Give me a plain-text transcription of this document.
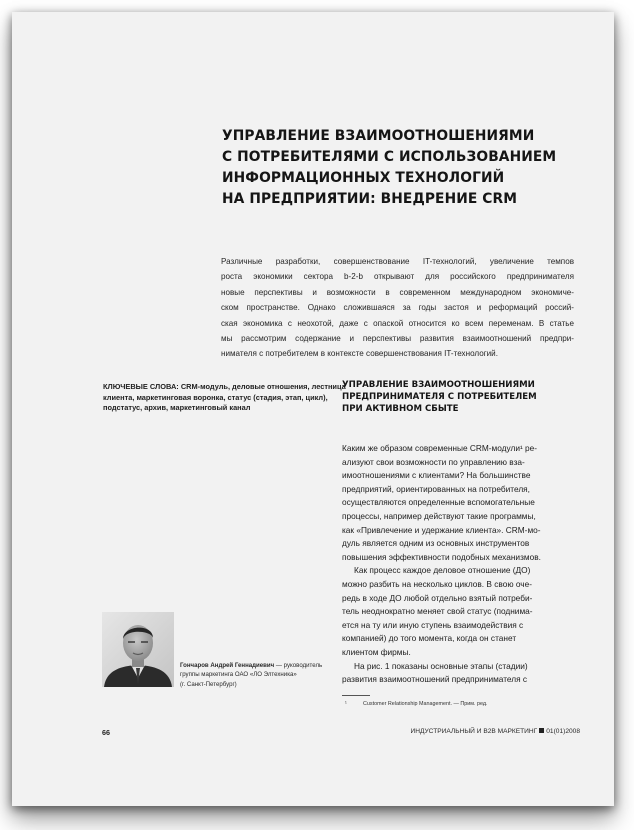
УПРАВЛЕНИЕ ВЗАИМООТНОШЕНИЯМИ
С ПОТРЕБИТЕЛЯМИ С ИСПОЛЬЗОВАНИЕМ
ИНФОРМАЦИОННЫХ ТЕХНОЛОГИЙ
НА ПРЕДПРИЯТИИ: ВНЕДРЕНИЕ CRM
Различные разработки, совершенствование IT-технологий, увеличение темпов
роста экономики сектора b-2-b открывают для российского предпринимателя
новые перспективы и возможности в современном международном экономиче-
ском пространстве. Однако сложившаяся за годы застоя и реформаций россий-
ская экономика с неохотой, даже с опаской относится ко всем переменам. В статье
мы рассмотрим содержание и перспективы развития взаимоотношений предпри-
нимателя с потребителем в контексте совершенствования IT-технологий.
КЛЮЧЕВЫЕ СЛОВА: CRM-модуль, деловые отношения, лестница
клиента, маркетинговая воронка, статус (стадия, этап, цикл),
подстатус, архив, маркетинговый канал
УПРАВЛЕНИЕ ВЗАИМООТНОШЕНИЯМИ
ПРЕДПРИНИМАТЕЛЯ С ПОТРЕБИТЕЛЕМ
ПРИ АКТИВНОМ СБЫТЕ
Каким же образом современные CRM-модули¹ ре-
ализуют свои возможности по управлению вза-
имоотношениями с клиентами? На большинстве
предприятий, ориентированных на потребителя,
осуществляются определенные вспомогательные
процессы, например действуют такие программы,
как «Привлечение и удержание клиента». CRM-мо-
дуль является одним из основных инструментов
повышения эффективности подобных механизмов.
Как процесс каждое деловое отношение (ДО)
можно разбить на несколько циклов. В свою оче-
редь в ходе ДО любой отдельно взятый потреби-
тель неоднократно меняет свой статус (поднима-
ется на ту или иную ступень взаимодействия с
компанией) до того момента, когда он станет
клиентом фирмы.
На рис. 1 показаны основные этапы (стадии)
развития взаимоотношений предпринимателя с
Гончаров Андрей Геннадиевич — руководитель
группы маркетинга ОАО «ЛО Элтехника»
(г. Санкт-Петербург)
¹	Customer Relationship Management. — Прим. ред.
66	ИНДУСТРИАЛЬНЫЙ И B2B МАРКЕТИНГ 01(01)2008
